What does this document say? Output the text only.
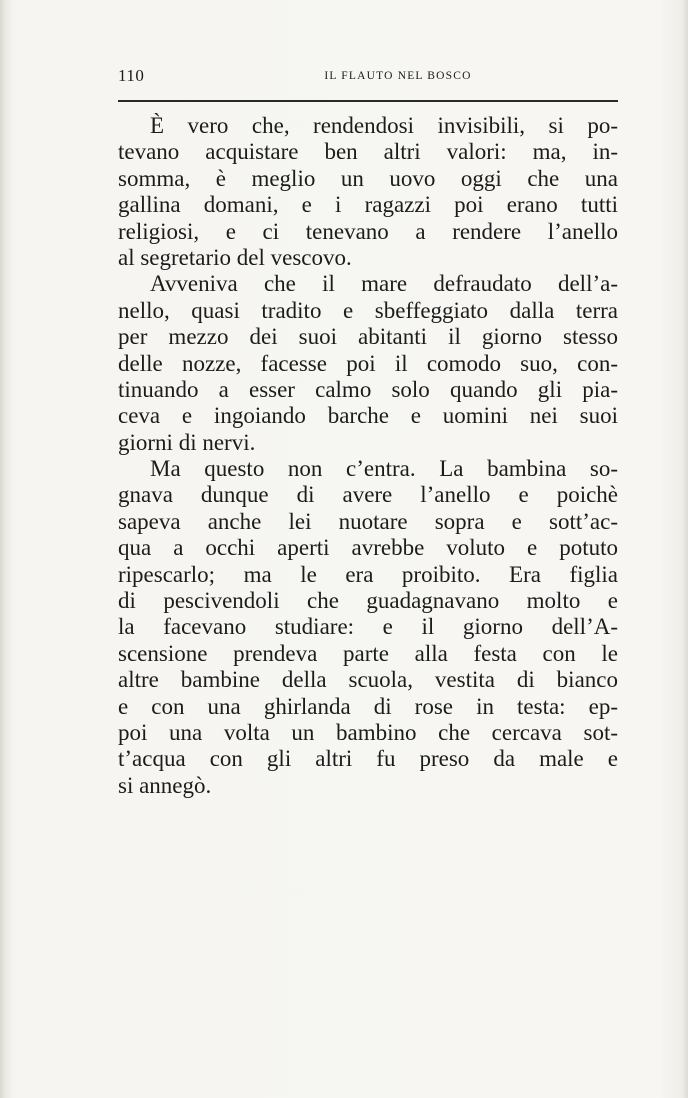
110	IL FLAUTO NEL BOSCO
È vero che, rendendosi invisibili, si po-
tevano acquistare ben altri valori: ma, in-
somma, è meglio un uovo oggi che una
gallina domani, e i ragazzi poi erano tutti
religiosi, e ci tenevano a rendere l’anello
al segretario del vescovo.
Avveniva che il mare defraudato dell’a-
nello, quasi tradito e sbeffeggiato dalla terra
per mezzo dei suoi abitanti il giorno stesso
delle nozze, facesse poi il comodo suo, con-
tinuando a esser calmo solo quando gli pia-
ceva e ingoiando barche e uomini nei suoi
giorni di nervi.
Ma questo non c’entra. La bambina so-
gnava dunque di avere l’anello e poichè
sapeva anche lei nuotare sopra e sott’ac-
qua a occhi aperti avrebbe voluto e potuto
ripescarlo; ma le era proibito. Era figlia
di pescivendoli che guadagnavano molto e
la facevano studiare: e il giorno dell’A-
scensione prendeva parte alla festa con le
altre bambine della scuola, vestita di bianco
e con una ghirlanda di rose in testa: ep-
poi una volta un bambino che cercava sot-
t’acqua con gli altri fu preso da male e
si annegò.
